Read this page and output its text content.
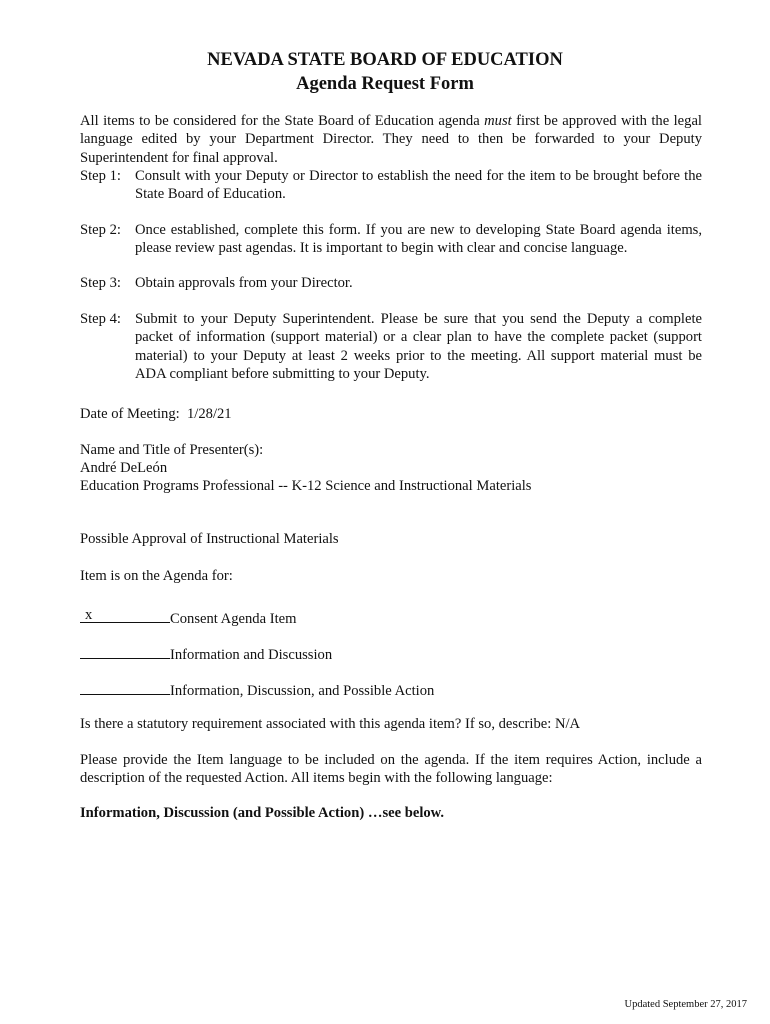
NEVADA STATE BOARD OF EDUCATION
Agenda Request Form
All items to be considered for the State Board of Education agenda must first be approved with the legal language edited by your Department Director. They need to then be forwarded to your Deputy Superintendent for final approval.
Step 1: Consult with your Deputy or Director to establish the need for the item to be brought before the State Board of Education.
Step 2: Once established, complete this form. If you are new to developing State Board agenda items, please review past agendas. It is important to begin with clear and concise language.
Step 3: Obtain approvals from your Director.
Step 4: Submit to your Deputy Superintendent. Please be sure that you send the Deputy a complete packet of information (support material) or a clear plan to have the complete packet (support material) to your Deputy at least 2 weeks prior to the meeting. All support material must be ADA compliant before submitting to your Deputy.
Date of Meeting: 1/28/21
Name and Title of Presenter(s):
André DeLeón
Education Programs Professional -- K-12 Science and Instructional Materials
Possible Approval of Instructional Materials
Item is on the Agenda for:
x	Consent Agenda Item
Information and Discussion
Information, Discussion, and Possible Action
Is there a statutory requirement associated with this agenda item? If so, describe: N/A
Please provide the Item language to be included on the agenda. If the item requires Action, include a description of the requested Action. All items begin with the following language:
Information, Discussion (and Possible Action) …see below.
Updated September 27, 2017
